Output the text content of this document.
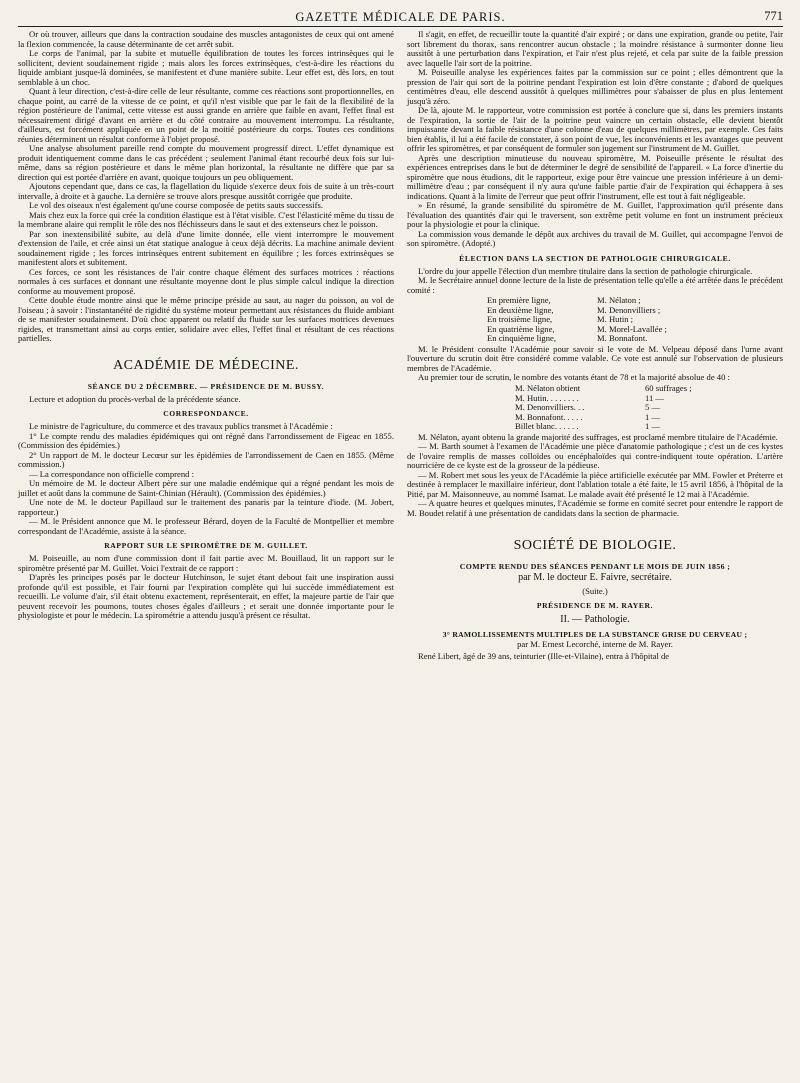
GAZETTE MÉDICALE DE PARIS.	771

Or où trouver, ailleurs que dans la contraction soudaine des muscles antagonistes de ceux qui ont amené la flexion commencée, la cause déterminante de cet arrêt subit.

Le corps de l'animal, par la subite et mutuelle équilibration de toutes les forces intrinsèques qui le sollicitent, devient soudainement rigide ; mais alors les forces extrinsèques, c'est-à-dire les réactions du liquide ambiant jusque-là dominées, se manifestent et d'une manière subite. Leur effet est, dès lors, en tout semblable à un choc.

Quant à leur direction, c'est-à-dire celle de leur résultante, comme ces réactions sont proportionnelles, en chaque point, au carré de la vitesse de ce point, et qu'il n'est visible que par le fait de la flexibilité de la région postérieure de l'animal, cette vitesse est aussi grande en arrière que faible en avant, l'effet final est nécessairement dirigé d'avant en arrière et du côté contraire au mouvement interrompu. La résultante, d'ailleurs, est forcément appliquée en un point de la moitié postérieure du corps. Toutes ces conditions réunies déterminent un résultat conforme à l'objet proposé.

Une analyse absolument pareille rend compte du mouvement progressif direct. L'effet dynamique est produit identiquement comme dans le cas précédent ; seulement l'animal étant recourbé deux fois sur lui-même, dans sa région postérieure et dans le même plan horizontal, la résultante ne diffère que par sa direction qui est portée d'arrière en avant, quoique toujours un peu obliquement.

Ajoutons cependant que, dans ce cas, la flagellation du liquide s'exerce deux fois de suite à un très-court intervalle, à droite et à gauche. La dernière se trouve alors presque aussitôt corrigée que produite.

Le vol des oiseaux n'est également qu'une course composée de petits sauts successifs.

Mais chez eux la force qui crée la condition élastique est à l'état visible. C'est l'élasticité même du tissu de la membrane alaire qui remplit le rôle des nos fléchisseurs dans le saut et des extenseurs chez le poisson.

Par son inextensibilité subite, au delà d'une limite donnée, elle vient interrompre le mouvement d'extension de l'aile, et crée ainsi un état statique analogue à ceux déjà décrits. La machine animale devient soudainement rigide ; les forces intrinsèques entrent subitement en équilibre ; les forces extrinsèques se manifestent alors et subitement.

Ces forces, ce sont les résistances de l'air contre chaque élément des surfaces motrices : réactions normales à ces surfaces et donnant une résultante moyenne dont le plus simple calcul indique la direction conforme au mouvement proposé.

Cette double étude montre ainsi que le même principe préside au saut, au nager du poisson, au vol de l'oiseau ; à savoir : l'instantanéité de rigidité du système moteur permettant aux résistances du fluide ambiant de se manifester soudainement. D'où choc apparent ou relatif du fluide sur les surfaces motrices devenues rigides, et transmettant ainsi au corps entier, solidaire avec elles, l'effet final et résultant de ces réactions partielles.

ACADÉMIE DE MÉDECINE.
SÉANCE DU 2 DÉCEMBRE. — PRÉSIDENCE DE M. BUSSY.

Lecture et adoption du procès-verbal de la précédente séance.

CORRESPONDANCE.

Le ministre de l'agriculture, du commerce et des travaux publics transmet à l'Académie :

1° Le compte rendu des maladies épidémiques qui ont régné dans l'arrondissement de Figeac en 1855. (Commission des épidémies.)

2° Un rapport de M. le docteur Lecœur sur les épidémies de l'arrondissement de Caen en 1855. (Même commission.)

— La correspondance non officielle comprend :

Un mémoire de M. le docteur Albert père sur une maladie endémique qui a régné pendant les mois de juillet et août dans la commune de Saint-Chinian (Hérault). (Commission des épidémies.)

Une note de M. le docteur Papillaud sur le traitement des panaris par la teinture d'iode. (M. Jobert, rapporteur.)

— M. le Président annonce que M. le professeur Bérard, doyen de la Faculté de Montpellier et membre correspondant de l'Académie, assiste à la séance.

RAPPORT SUR LE SPIROMÈTRE DE M. GUILLET.

M. Poiseuille, au nom d'une commission dont il fait partie avec M. Bouillaud, lit un rapport sur le spiromètre présenté par M. Guillet. Voici l'extrait de ce rapport :

D'après les principes posés par le docteur Hutchinson, le sujet étant debout fait une inspiration aussi profonde qu'il est possible, et l'air fourni par l'expiration complète qui lui succède immédiatement est recueilli. Le volume d'air, s'il était obtenu exactement, représenterait, en effet, la majeure partie de l'air que peuvent recevoir les poumons, toutes choses égales d'ailleurs ; et serait une donnée importante pour le physiologiste et pour le médecin. La spirométrie a attendu jusqu'à présent ce résultat.

Il s'agit, en effet, de recueillir toute la quantité d'air expiré ; or dans une expiration, grande ou petite, l'air sort librement du thorax, sans rencontrer aucun obstacle ; la moindre résistance à surmonter donne lieu aussitôt à une perturbation dans l'expiration, et l'air n'est plus rejeté, et cela par suite de la faible pression avec laquelle l'air sort de la poitrine.

M. Poiseuille analyse les expériences faites par la commission sur ce point ; elles démontrent que la pression de l'air qui sort de la poitrine pendant l'expiration est loin d'être constante ; d'abord de quelques centimètres d'eau, elle descend aussitôt à quelques millimètres pour s'abaisser de plus en plus lentement jusqu'à zéro.

De là, ajoute M. le rapporteur, votre commission est portée à conclure que si, dans les premiers instants de l'expiration, la sortie de l'air de la poitrine peut vaincre un certain obstacle, elle devient bientôt impuissante devant la faible résistance d'une colonne d'eau de quelques millimètres, par exemple. Ces faits bien établis, il lui a été facile de constater, à son point de vue, les inconvénients et les avantages que peuvent offrir les spiromètres, et par conséquent de formuler son jugement sur l'instrument de M. Guillet.

Après une description minutieuse du nouveau spiromètre, M. Poiseuille présente le résultat des expériences entreprises dans le but de déterminer le degré de sensibilité de l'appareil. « La force d'inertie du spiromètre que nous étudions, dit le rapporteur, exige pour être vaincue une pression inférieure à un demi-millimètre d'eau ; par conséquent il n'y aura qu'une faible partie d'air de l'expiration qui échappera à ses indications. Quant à la limite de l'erreur que peut offrir l'instrument, elle est tout à fait négligeable.

» En résumé, la grande sensibilité du spiromètre de M. Guillet, l'approximation qu'il présente dans l'évaluation des quantités d'air qui le traversent, son extrême petit volume en font un instrument précieux pour la physiologie et pour la clinique.

La commission vous demande le dépôt aux archives du travail de M. Guillet, qui accompagne l'envoi de son spiromètre. (Adopté.)

ÉLECTION DANS LA SECTION DE PATHOLOGIE CHIRURGICALE.

L'ordre du jour appelle l'élection d'un membre titulaire dans la section de pathologie chirurgicale.

M. le Secrétaire annuel donne lecture de la liste de présentation telle qu'elle a été arrêtée dans le précédent comité :

En première ligne,	M. Nélaton ;
En deuxième ligne,	M. Denonvilliers ;
En troisième ligne,	M. Hutin ;
En quatrième ligne,	M. Morel-Lavallée ;
En cinquième ligne,	M. Bonnafont.

M. le Président consulte l'Académie pour savoir si le vote de M. Velpeau déposé dans l'urne avant l'ouverture du scrutin doit être considéré comme valable. Ce vote est annulé sur l'observation de plusieurs membres de l'Académie.

Au premier tour de scrutin, le nombre des votants étant de 78 et la majorité absolue de 40 :

M. Nélaton obtient	60 suffrages ;
M. Hutin. . . . . . . .	11 —
M. Denonvilliers. . .	5 —
M. Bonnafont. . . . .	1 —
Billet blanc. . . . . .	1 —

M. Nélaton, ayant obtenu la grande majorité des suffrages, est proclamé membre titulaire de l'Académie.

— M. Barth soumet à l'examen de l'Académie une pièce d'anatomie pathologique ; c'est un de ces kystes de l'ovaire remplis de masses colloïdes ou encéphaloïdes qui contre-indiquent toute opération. L'artère nourricière de ce kyste est de la grosseur de la pédieuse.

— M. Robert met sous les yeux de l'Académie la pièce artificielle exécutée par MM. Fowler et Préterre et destinée à remplacer le maxillaire inférieur, dont l'ablation totale a été faite, le 15 avril 1856, à l'hôpital de la Pitié, par M. Maisonneuve, au nommé Isamat. Le malade avait été présenté le 12 mai à l'Académie.

— A quatre heures et quelques minutes, l'Académie se forme en comité secret pour entendre le rapport de M. Boudet relatif à une présentation de candidats dans la section de pharmacie.

SOCIÉTÉ DE BIOLOGIE.

COMPTE RENDU DES SÉANCES PENDANT LE MOIS DE JUIN 1856 ;

par M. le docteur E. Faivre, secrétaire.

(Suite.)

PRÉSIDENCE DE M. RAYER.

II. — Pathologie.

3° RAMOLLISSEMENTS MULTIPLES DE LA SUBSTANCE GRISE DU CERVEAU ;

par M. Ernest Lecorché, interne de M. Rayer.

René Libert, âgé de 39 ans, teinturier (Ille-et-Vilaine), entra à l'hôpital de
